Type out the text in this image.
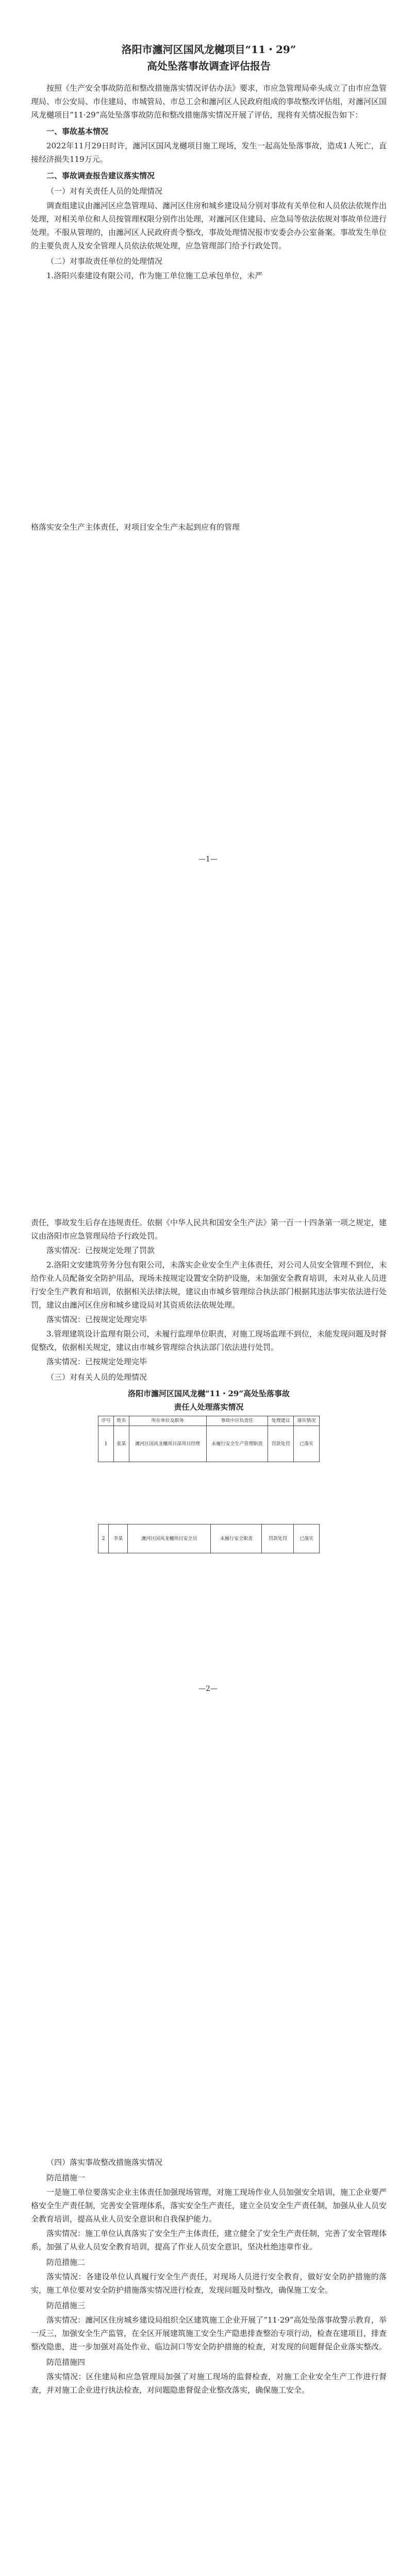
洛阳市瀍河区国风龙樾项目“11・29”

高处坠落事故调查评估报告

按照《生产安全事故防范和整改措施落实情况评估办法》要求，市应急管理局牵头成立了由市应急管理局、市公安局、市住建局、市城管局、市总工会和瀍河区人民政府组成的事故整改评估组，对瀍河区国风龙樾项目“11·29”高处坠落事故防范和整改措施落实情况开展了评估，现将有关情况报告如下：

一、事故基本情况

2022年11月29日时许，瀍河区国风龙樾项目施工现场，发生一起高处坠落事故，造成1人死亡，直接经济损失119万元。

二、事故调查报告建议落实情况

（一）对有关责任人员的处理情况

调查组建议由瀍河区应急管理局、瀍河区住房和城乡建设局分别对事故有关单位和人员依法依规作出处理，对相关单位和人员按管理权限分别作出处理，对瀍河区住建局、应急局等依法依规对事故单位进行处理。不服从管理的，由瀍河区人民政府责令整改，事故处理情况报市安委会办公室备案。事故发生单位的主要负责人及安全管理人员依法依规处理，应急管理部门给予行政处罚。

（二）对事故责任单位的处理情况

1.洛阳兴泰建设有限公司，作为施工单位施工总承包单位，未严

格落实安全生产主体责任，对项目安全生产未起到应有的管理

—1—

责任，事故发生后存在违规责任。依据《中华人民共和国安全生产法》第一百一十四条第一项之规定，建议由洛阳市应急管理局给予行政处罚。

落实情况：已按规定处理了罚款

2.洛阳文安建筑劳务分包有限公司，未落实企业安全生产主体责任，对公司人员安全管理不到位，未给作业人员配备安全防护用品，现场未按规定设置安全防护设施，未加强安全教育培训，未对从业人员进行安全生产教育和培训，依据相关法律法规，建议由市城乡管理综合执法部门根据其违法事实依法进行处罚，建议由瀍河区住房和城乡建设局对其资质依法依规处理。

落实情况：已按规定处理完毕

3.管理建筑设计监理有限公司，未履行监理单位职责，对施工现场监理不到位，未能发现问题及时督促整改，依据相关规定，建议由市城乡管理综合执法部门依法进行处罚。

落实情况：已按规定处理完毕

（三）对有关人员的处理情况

洛阳市瀍河区国风龙樾“11・29”高处坠落事故

责任人处理落实情况

序号	姓名	所在单位及职务	事故中应负责任	处理建议	落实情况
1	张某	瀍河区国风龙樾项目部项目经理	未履行安全生产管理职责	罚款处罚	已落实
2	李某	瀍河区国风龙樾项目安全员	未履行安全职责	罚款处罚	已落实
—2—

（四）落实事故整改措施落实情况

防范措施一

一是施工单位要落实企业主体责任加强现场管理，对施工现场作业人员加强安全培训，施工企业要严格安全生产责任制，完善安全管理体系，落实安全生产责任，建立全员安全生产责任制，加强从业人员安全教育培训，提高从业人员安全意识和自我保护能力。

落实情况：施工单位认真落实了安全生产主体责任，建立健全了安全生产责任制，完善了安全管理体系，加强了从业人员安全教育培训，提高了作业人员安全意识，坚决杜绝违章作业。

防范措施二

落实情况：各建设单位认真履行安全生产责任，对现场人员进行安全教育，做好安全防护措施的落实，施工单位要对安全防护措施落实情况进行检查，发现问题及时整改，确保施工安全。

防范措施三

落实情况：瀍河区住房城乡建设局组织全区建筑施工企业开展了“11·29”高处坠落事故警示教育，举一反三，加强安全生产监管，在全区开展建筑施工安全生产隐患排查整治专项行动，检查在建项目，排查整改隐患，进一步加强对高处作业、临边洞口等安全防护措施的检查，对发现的问题督促企业落实整改。

防范措施四

落实情况：区住建局和应急管理局加强了对施工现场的监督检查，对施工企业安全生产工作进行督查，并对施工企业进行执法检查，对问题隐患督促企业整改落实，确保施工安全。
